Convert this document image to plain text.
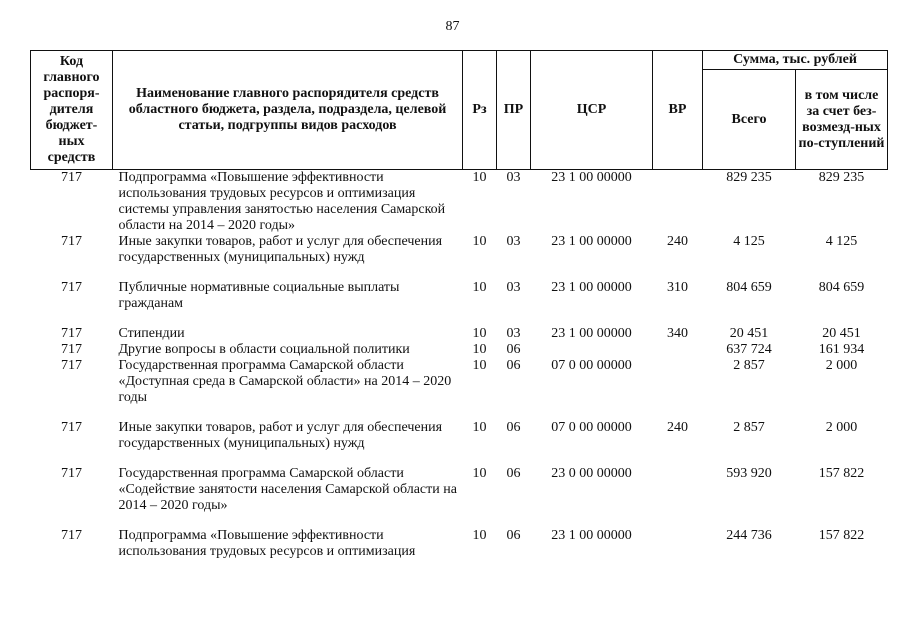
87
Код главного распоря-дителя бюджет-ных средств	Наименование главного распорядителя средств областного бюджета, раздела, подраздела, целевой статьи, подгруппы видов расходов	Рз	ПР	ЦСР	ВР	Сумма, тыс. рублей	
						Всего	в том числе за счет без-возмезд-ных по-ступлений
717	Подпрограмма «Повышение эффективности использования трудовых ресурсов и оптимизация системы управления занятостью населения Самарской области на 2014 – 2020 годы»	10	03	23 1 00 00000		829 235	829 235
717	Иные закупки товаров, работ и услуг для обеспечения государственных (муниципальных) нужд	10	03	23 1 00 00000	240	4 125	4 125
717	Публичные нормативные социальные выплаты гражданам	10	03	23 1 00 00000	310	804 659	804 659
717	Стипендии	10	03	23 1 00 00000	340	20 451	20 451
717	Другие вопросы в области социальной политики	10	06			637 724	161 934
717	Государственная программа Самарской области «Доступная среда в Самарской области» на 2014 – 2020 годы	10	06	07 0 00 00000		2 857	2 000
717	Иные закупки товаров, работ и услуг для обеспечения государственных (муниципальных) нужд	10	06	07 0 00 00000	240	2 857	2 000
717	Государственная программа Самарской области «Содействие занятости населения Самарской области на 2014 – 2020 годы»	10	06	23 0 00 00000		593 920	157 822
717	Подпрограмма «Повышение эффективности использования трудовых ресурсов и оптимизация	10	06	23 1 00 00000		244 736	157 822
